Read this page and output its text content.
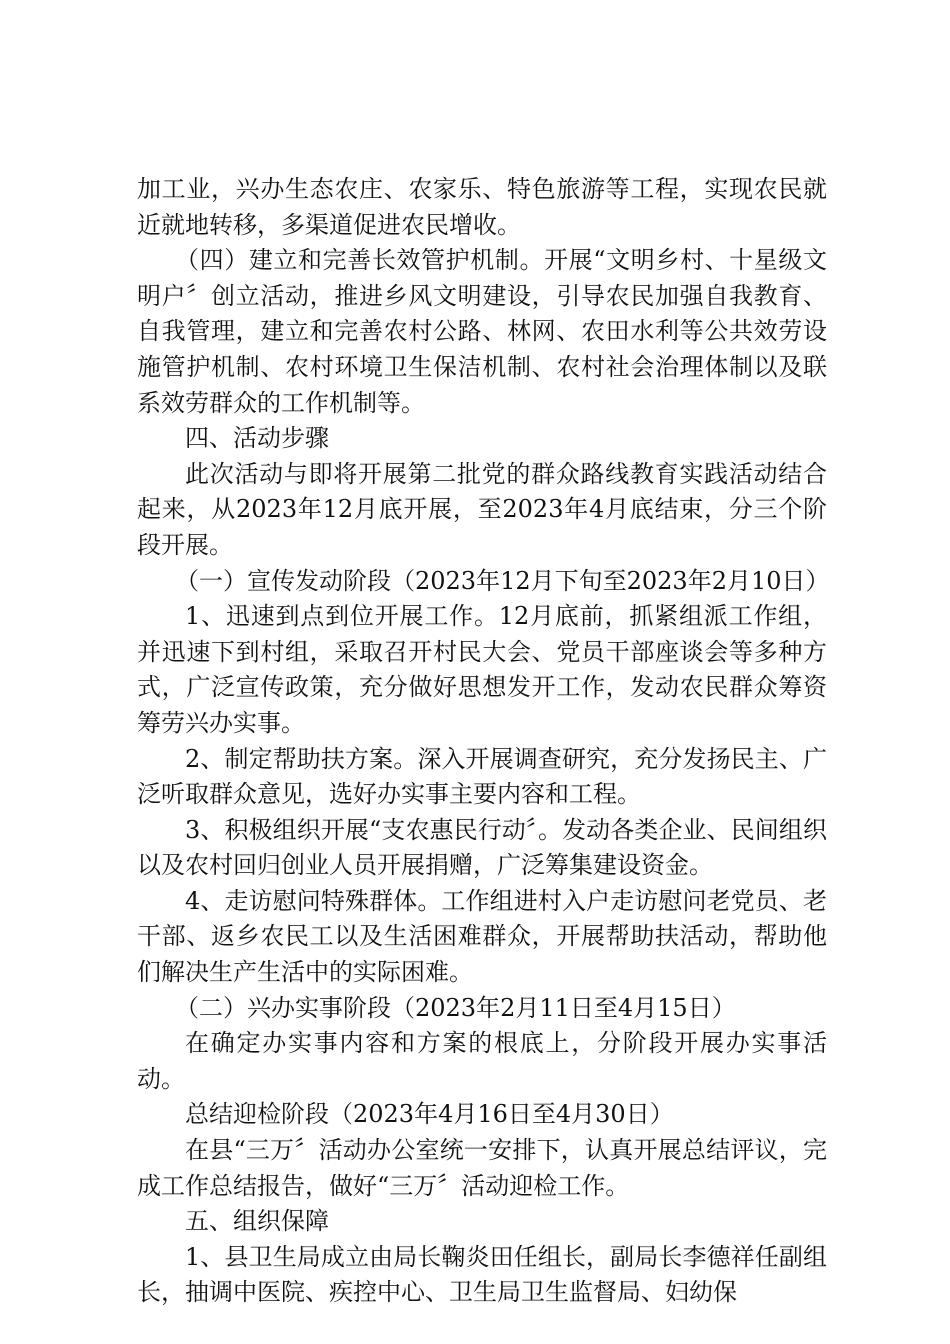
加工业，兴办生态农庄、农家乐、特色旅游等工程，实现农民就近就地转移，多渠道促进农民增收。

（四）建立和完善长效管护机制。开展“文明乡村、十星级文明户〞创立活动，推进乡风文明建设，引导农民加强自我教育、自我管理，建立和完善农村公路、林网、农田水利等公共效劳设施管护机制、农村环境卫生保洁机制、农村社会治理体制以及联系效劳群众的工作机制等。

四、活动步骤

此次活动与即将开展第二批党的群众路线教育实践活动结合起来，从2023年12月底开展，至2023年4月底结束，分三个阶段开展。

（一）宣传发动阶段（2023年12月下旬至2023年2月10日）

1、迅速到点到位开展工作。12月底前，抓紧组派工作组，并迅速下到村组，采取召开村民大会、党员干部座谈会等多种方式，广泛宣传政策，充分做好思想发开工作，发动农民群众筹资筹劳兴办实事。

2、制定帮助扶方案。深入开展调查研究，充分发扬民主、广泛听取群众意见，选好办实事主要内容和工程。

3、积极组织开展“支农惠民行动〞。发动各类企业、民间组织以及农村回归创业人员开展捐赠，广泛筹集建设资金。

4、走访慰问特殊群体。工作组进村入户走访慰问老党员、老干部、返乡农民工以及生活困难群众，开展帮助扶活动，帮助他们解决生产生活中的实际困难。

（二）兴办实事阶段（2023年2月11日至4月15日）

在确定办实事内容和方案的根底上，分阶段开展办实事活动。

总结迎检阶段（2023年4月16日至4月30日）

在县“三万〞活动办公室统一安排下，认真开展总结评议，完成工作总结报告，做好“三万〞活动迎检工作。

五、组织保障

1、县卫生局成立由局长鞠炎田任组长，副局长李德祥任副组长，抽调中医院、疾控中心、卫生局卫生监督局、妇幼保
